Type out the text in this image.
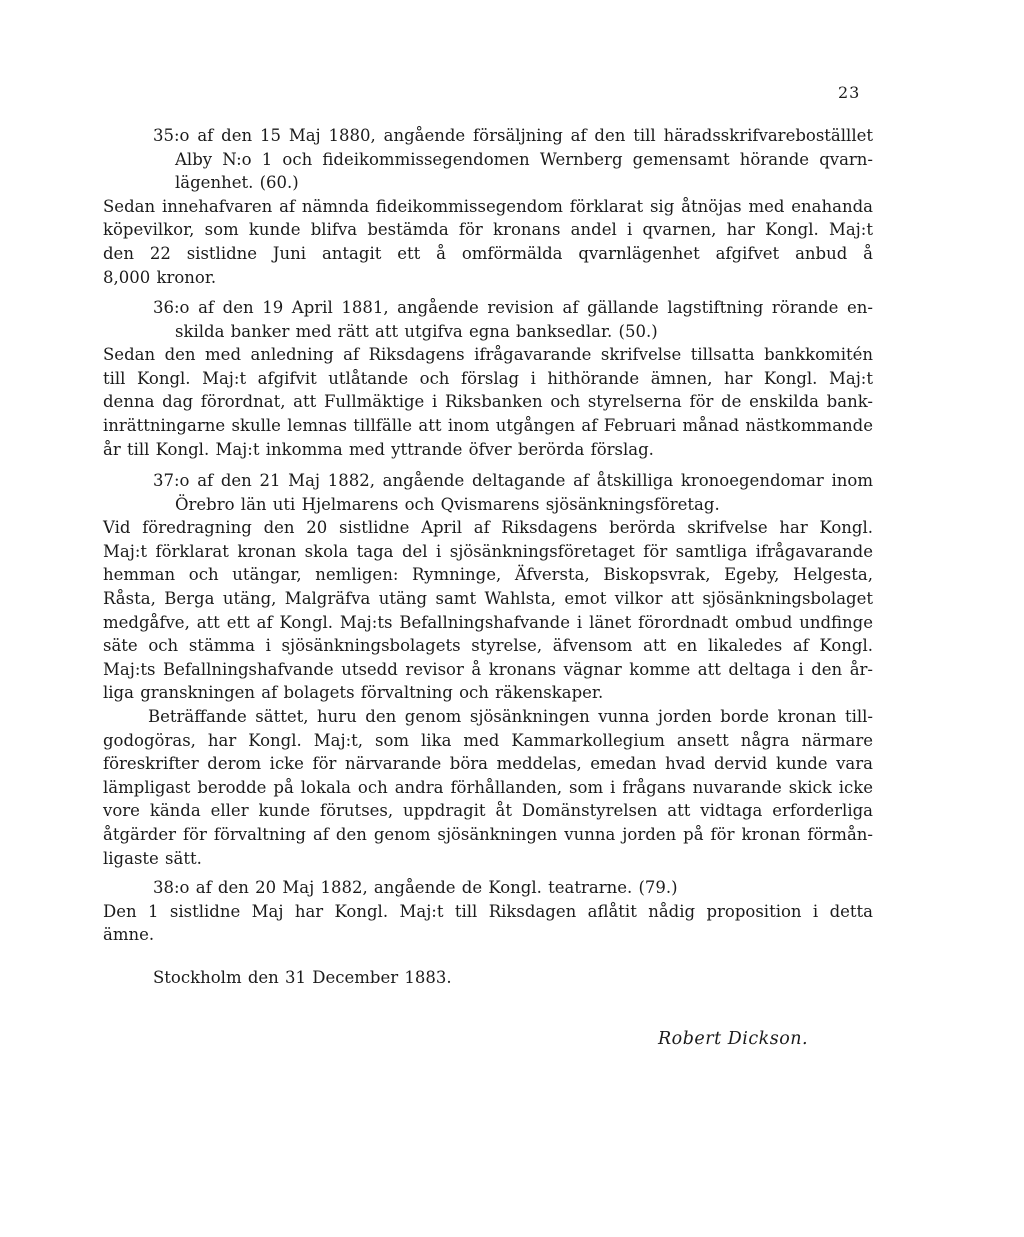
23
35:o af den 15 Maj 1880, angående försäljning af den till häradsskrifvareboställlet
Alby N:o 1 och fideikommissegendomen Wernberg gemensamt hörande qvarn-
lägenhet. (60.)
Sedan innehafvaren af nämnda fideikommissegendom förklarat sig åtnöjas med enahanda
köpevilkor, som kunde blifva bestämda för kronans andel i qvarnen, har Kongl. Maj:t
den 22 sistlidne Juni antagit ett å omförmälda qvarnlägenhet afgifvet anbud å
8,000 kronor.
36:o af den 19 April 1881, angående revision af gällande lagstiftning rörande en-
skilda banker med rätt att utgifva egna banksedlar. (50.)
Sedan den med anledning af Riksdagens ifrågavarande skrifvelse tillsatta bankkomitén
till Kongl. Maj:t afgifvit utlåtande och förslag i hithörande ämnen, har Kongl. Maj:t
denna dag förordnat, att Fullmäktige i Riksbanken och styrelserna för de enskilda bank-
inrättningarne skulle lemnas tillfälle att inom utgången af Februari månad nästkommande
år till Kongl. Maj:t inkomma med yttrande öfver berörda förslag.
37:o af den 21 Maj 1882, angående deltagande af åtskilliga kronoegendomar inom
Örebro län uti Hjelmarens och Qvismarens sjösänkningsföretag.
Vid föredragning den 20 sistlidne April af Riksdagens berörda skrifvelse har Kongl.
Maj:t förklarat kronan skola taga del i sjösänkningsföretaget för samtliga ifrågavarande
hemman och utängar, nemligen: Rymninge, Äfversta, Biskopsvrak, Egeby, Helgesta,
Råsta, Berga utäng, Malgräfva utäng samt Wahlsta, emot vilkor att sjösänkningsbolaget
medgåfve, att ett af Kongl. Maj:ts Befallningshafvande i länet förordnadt ombud undfinge
säte och stämma i sjösänkningsbolagets styrelse, äfvensom att en likaledes af Kongl.
Maj:ts Befallningshafvande utsedd revisor å kronans vägnar komme att deltaga i den år-
liga granskningen af bolagets förvaltning och räkenskaper.
Beträffande sättet, huru den genom sjösänkningen vunna jorden borde kronan till-
godogöras, har Kongl. Maj:t, som lika med Kammarkollegium ansett några närmare
föreskrifter derom icke för närvarande böra meddelas, emedan hvad dervid kunde vara
lämpligast berodde på lokala och andra förhållanden, som i frågans nuvarande skick icke
vore kända eller kunde förutses, uppdragit åt Domänstyrelsen att vidtaga erforderliga
åtgärder för förvaltning af den genom sjösänkningen vunna jorden på för kronan förmån-
ligaste sätt.
38:o af den 20 Maj 1882, angående de Kongl. teatrarne. (79.)
Den 1 sistlidne Maj har Kongl. Maj:t till Riksdagen aflåtit nådig proposition i detta
ämne.
Stockholm den 31 December 1883.
Robert Dickson.
